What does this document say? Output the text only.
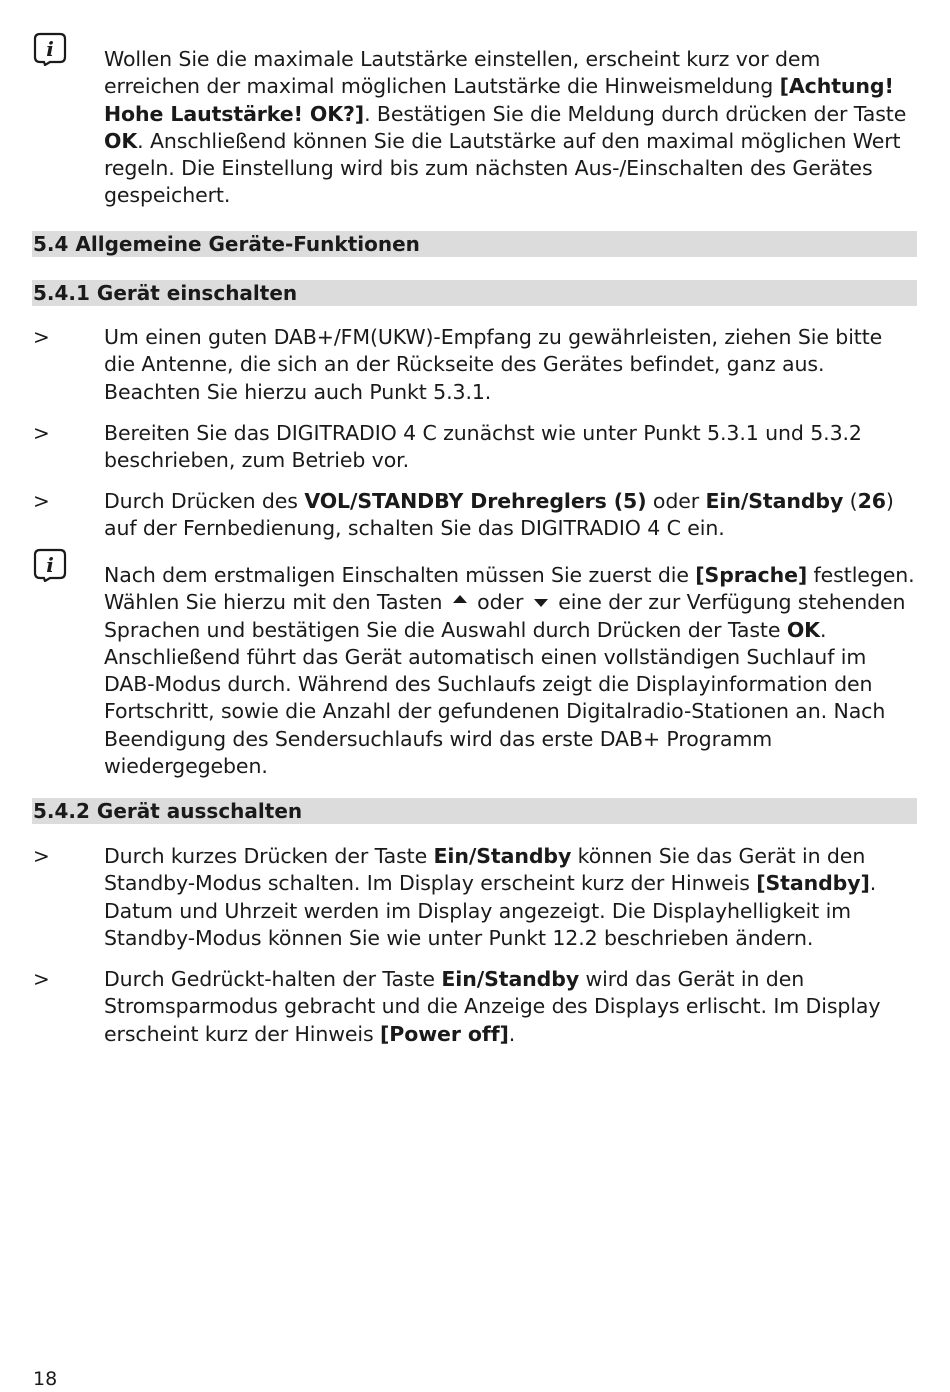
i Wollen Sie die maximale Lautstärke einstellen, erscheint kurz vor dem erreichen der maximal möglichen Lautstärke die Hinweismeldung [Achtung! Hohe Lautstärke! OK?]. Bestätigen Sie die Meldung durch drücken der Taste OK. Anschließend können Sie die Lautstärke auf den maximal möglichen Wert regeln. Die Einstellung wird bis zum nächsten Aus-/Einschalten des Gerätes gespeichert.
5.4 Allgemeine Geräte-Funktionen
5.4.1 Gerät einschalten
>	Um einen guten DAB+/FM(UKW)-Empfang zu gewährleisten, ziehen Sie bitte die Antenne, die sich an der Rückseite des Gerätes befindet, ganz aus. Beachten Sie hierzu auch Punkt 5.3.1.
>	Bereiten Sie das DIGITRADIO 4 C zunächst wie unter Punkt 5.3.1 und 5.3.2 beschrieben, zum Betrieb vor.
>	Durch Drücken des VOL/STANDBY Drehreglers (5) oder Ein/Standby (26) auf der Fernbedienung, schalten Sie das DIGITRADIO 4 C ein.
i Nach dem erstmaligen Einschalten müssen Sie zuerst die [Sprache] festlegen. Wählen Sie hierzu mit den Tasten  oder  eine der zur Verfügung stehenden Sprachen und bestätigen Sie die Auswahl durch Drücken der Taste OK. Anschließend führt das Gerät automatisch einen vollständigen Suchlauf im DAB-Modus durch. Während des Suchlaufs zeigt die Displayinformation den Fortschritt, sowie die Anzahl der gefundenen Digitalradio-Stationen an. Nach Beendigung des Sendersuchlaufs wird das erste DAB+ Programm wiedergegeben.
5.4.2 Gerät ausschalten
>	Durch kurzes Drücken der Taste Ein/Standby können Sie das Gerät in den Standby-Modus schalten. Im Display erscheint kurz der Hinweis [Standby]. Datum und Uhrzeit werden im Display angezeigt. Die Displayhelligkeit im Standby-Modus können Sie wie unter Punkt 12.2 beschrieben ändern.
>	Durch Gedrückt-halten der Taste Ein/Standby wird das Gerät in den Stromsparmodus gebracht und die Anzeige des Displays erlischt. Im Display erscheint kurz der Hinweis [Power off].
18
